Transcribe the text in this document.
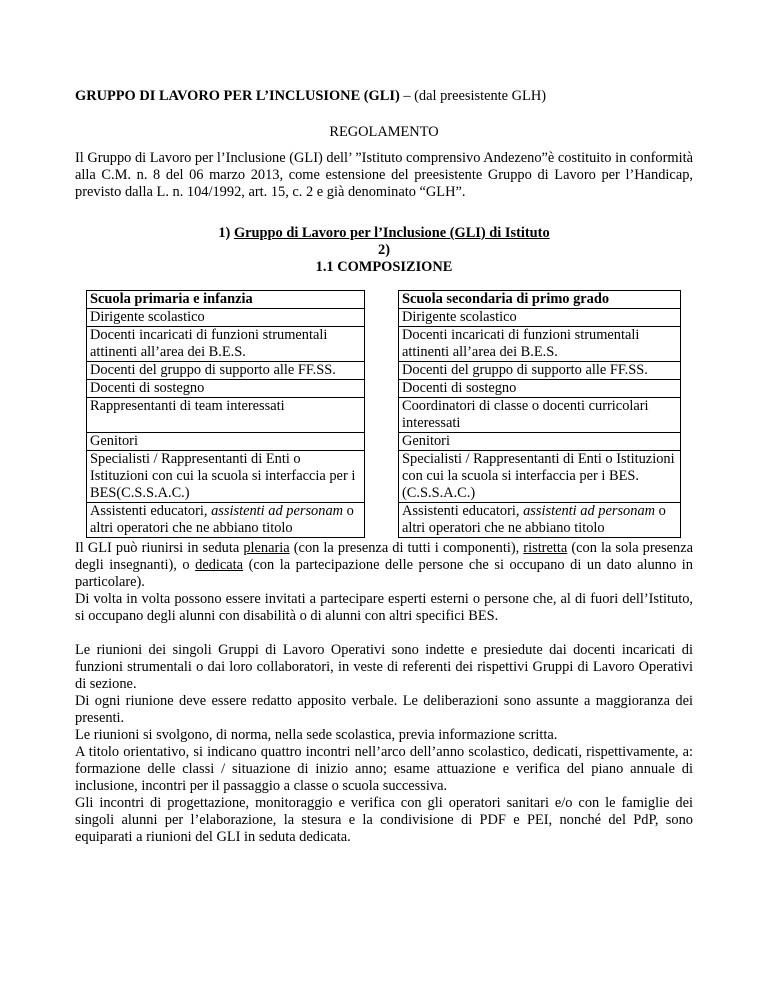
GRUPPO DI LAVORO PER L’INCLUSIONE (GLI) – (dal preesistente GLH)
REGOLAMENTO
Il Gruppo di Lavoro per l’Inclusione (GLI) dell’ ”Istituto comprensivo Andezeno”è costituito in conformità alla C.M. n. 8 del 06 marzo 2013, come estensione del preesistente Gruppo di Lavoro per l’Handicap, previsto dalla L. n. 104/1992, art. 15, c. 2 e già denominato “GLH”.
1) Gruppo di Lavoro per l’Inclusione (GLI) di Istituto
2)
1.1 COMPOSIZIONE
Scuola primaria e infanzia
Dirigente scolastico
Docenti incaricati di funzioni strumentali attinenti all’area dei B.E.S.
Docenti del gruppo di supporto alle FF.SS.
Docenti di sostegno
Rappresentanti di team interessati
Genitori
Specialisti / Rappresentanti di Enti o Istituzioni con cui la scuola si interfaccia per i BES(C.S.S.A.C.)
Assistenti educatori, assistenti ad personam o altri operatori che ne abbiano titolo
Scuola secondaria di primo grado
Dirigente scolastico
Docenti incaricati di funzioni strumentali attinenti all’area dei B.E.S.
Docenti del gruppo di supporto alle FF.SS.
Docenti di sostegno
Coordinatori di classe o docenti curricolari interessati
Genitori
Specialisti / Rappresentanti di Enti o Istituzioni con cui la scuola si interfaccia per i BES.(C.S.S.A.C.)
Assistenti educatori, assistenti ad personam o altri operatori che ne abbiano titolo

Il GLI può riunirsi in seduta plenaria (con la presenza di tutti i componenti), ristretta (con la sola presenza degli insegnanti), o dedicata (con la partecipazione delle persone che si occupano di un dato alunno in particolare).

Di volta in volta possono essere invitati a partecipare esperti esterni o persone che, al di fuori dell’Istituto, si occupano degli alunni con disabilità o di alunni con altri specifici BES.

Le riunioni dei singoli Gruppi di Lavoro Operativi sono indette e presiedute dai docenti incaricati di funzioni strumentali o dai loro collaboratori, in veste di referenti dei rispettivi Gruppi di Lavoro Operativi di sezione.

Di ogni riunione deve essere redatto apposito verbale. Le deliberazioni sono assunte a maggioranza dei presenti.

Le riunioni si svolgono, di norma, nella sede scolastica, previa informazione scritta.

A titolo orientativo, si indicano quattro incontri nell’arco dell’anno scolastico, dedicati, rispettivamente, a: formazione delle classi / situazione di inizio anno; esame attuazione e verifica del piano annuale di inclusione, incontri per il passaggio a classe o scuola successiva.

Gli incontri di progettazione, monitoraggio e verifica con gli operatori sanitari e/o con le famiglie dei singoli alunni per l’elaborazione, la stesura e la condivisione di PDF e PEI, nonché del PdP, sono equiparati a riunioni del GLI in seduta dedicata.
